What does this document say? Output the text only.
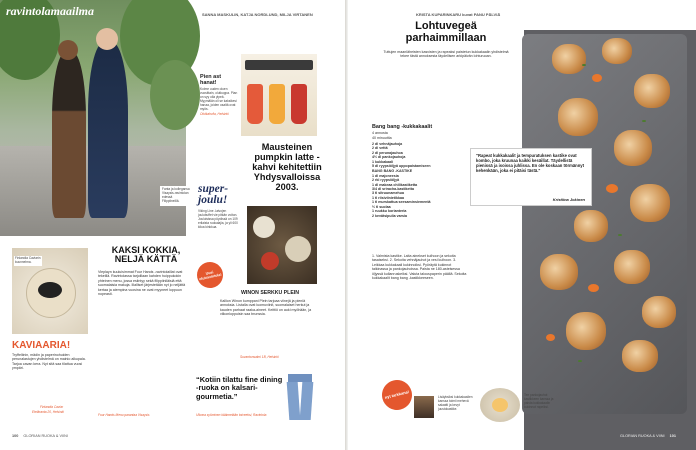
ravintolamaailma
Fanta ja kollegansa Visaysis-ravintolan edessä Filippiineillä.
SANNA MASKULIN, KATJA NORDLUND, MILJA VIRTANEN
Pien ast hanat!
Kolme uuden oluen vuosittain, olutkuppa. Pian on syy olla ylpeä. Myymälän oli se kaksikesi hanaa, joiden osaltä ovat myös.
Olutkahvila, Helsinki
Mausteinen pumpkin latte -kahvi kehitettiin Yhdysvalloissa 2003.
super-joulu!
Viking Line -laivojen joulubuffet vie pitkän voiton. Jouluisissa pöydissä on 109 erilaista ruokalajia, ja yli 600 kiloa kinkkua.
Uusi olutravintola!
Finlandia Caviarin kuunnelma.
KAVIAARIA!
Tryffeliinin, mädin ja paperinohuiden perunalastujen yhdistelmä on mainio alkupala. Tarjoa cavan kera. Nyt sitä saa tilattua vuosi ympäri.
Finlandia Caviar
Eteläranta 20, Helsinki
KAKSI KOKKIA, NELJÄ KÄTTÄ
Vieplayn kuuluisimmat Four Hands -ravintolaillat ovat tekeillä. Ravintolassa tarjoillaan kahden huippukokin yhteinen menu, jossa esiintyy sekä filippiiniläisiä että suomalaisia makuja. Illalliset järjestetään nyt jo neljättä kertaa ja aiempina vuosina ne ovat myyneet loppuun nopeasti.
Four Hands Menu parantaa Visaysis
WINON SERKKU PLEIN
Kallion Winon kumppani Plein tarjoaa viinejä ja pieniä annoksia. Listalla ovat luomuviinit, suomalaiset herkut ja kauden parhaat raaka-aineet. Keittiö on auki myöhään, ja viikonloppuisin saa brunssia.
Suvantonsalmi 1B, Helsinki
“Kotiin tilattu fine dining -ruoka on kalsari-gourmetia.”
Ulkona syöminen käännetään toiveeksi, Ravintola
100 GLORIAN RUOKA & VIINI
KRISTA KUPARINKARU kuvat PANU PÄLVIÄ	ravintolaresepti
Lohtuvegeä parhaimmillaan
Tuttujen maanläheisten kasvisten ja rapeaksi paistetun kukkakaalin yhdistelmä tekee tästä annoksesta täydellisen arkipäivän lohturuoan.
Bang bang -kukkakaalit
4 annosta
40 minuuttia
2 dl vehnäjauhoja
2 dl vettä
2 dl perunajauhoa
4½ dl pankojauhoja
1 kukkakaali
5 dl ryypsiöljyä uppopaistamiseen
BANG BANG -KASTIKE
1 dl majoneesia
2 rkl ryypsiöljyä
1 dl makeaa chilikastiketta
3/4 dl sriracha-kastiketta
3 tl sitruunamehua
1 tl riisiviinietikkaa
1 tl murskattua seesaminsiementä
½ tl suolaa
1 ruukku korianteria
2 kevätsipulia varsia
1. Valmista kastike. Laita ainekset kulhoon ja sekoita tasaiseksi. 2. Sekoita vehnäjauhot ja vesi kulhoon. 3. Leikkaa kukkakaali kukinnoiksi. Pyöräytä kukinnot taikinassa ja pankojauhoissa. Paista ne 180-asteisessa öljyssä kullanruskeiksi. Valuta talouspaperin päällä. Sekoita kukkakaalit bang bang -kastikkeeseen.
"Rapeat kukkakaalit ja tempuratuksen kastike ovat kombo, joka kruunaa kaikki kesäillat. Täydellistä pienissä ja isoissa juhlissa. En ole koskaan törmännyt kehenkään, joka ei pitäisi tästä."
Kristiina Jokinen
nyt tarkkana!	Lisäyksiksi kukkakaalien kanssa toimii mehevä salaatti ja kevyt juustokastike.
Tee pankojauhot kastikkeen kanssa ja paista kukkakaalin kukinnot rapeiksi.
GLORIAN RUOKA & VIINI 101
